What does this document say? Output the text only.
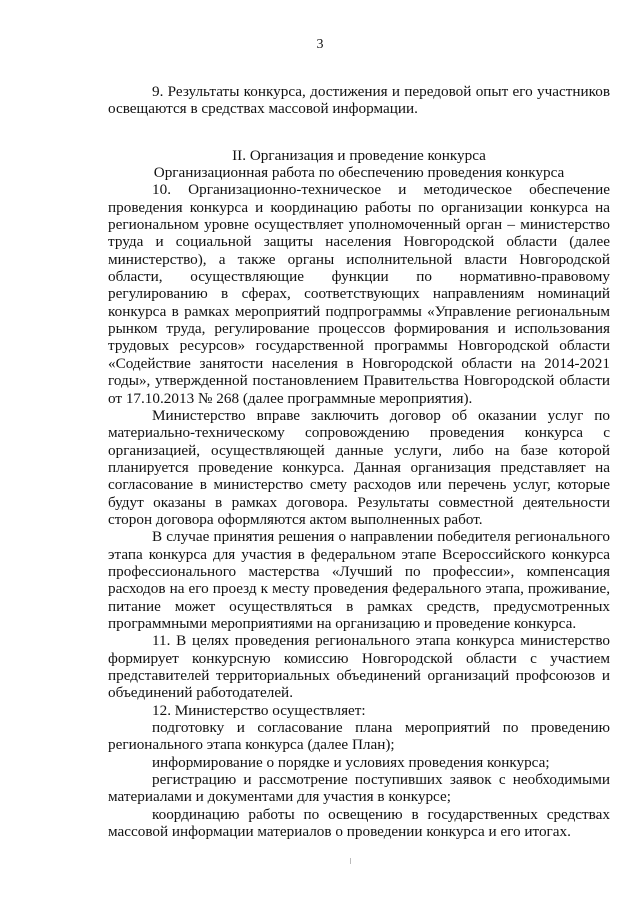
3

9. Результаты конкурса, достижения и передовой опыт его участников освещаются в средствах массовой информации.

II. Организация и проведение конкурса

Организационная работа по обеспечению проведения конкурса

10. Организационно-техническое и методическое обеспечение проведения конкурса и координацию работы по организации конкурса на региональном уровне осуществляет уполномоченный орган – министерство труда и социальной защиты населения Новгородской области (далее министерство), а также органы исполнительной власти Новгородской области, осуществляющие функции по нормативно-правовому регулированию в сферах, соответствующих направлениям номинаций конкурса в рамках мероприятий подпрограммы «Управление региональным рынком труда, регулирование процессов формирования и использования трудовых ресурсов» государственной программы Новгородской области «Содействие занятости населения в Новгородской области на 2014-2021 годы», утвержденной постановлением Правительства Новгородской области от 17.10.2013 № 268 (далее программные мероприятия).

Министерство вправе заключить договор об оказании услуг по материально-техническому сопровождению проведения конкурса с организацией, осуществляющей данные услуги, либо на базе которой планируется проведение конкурса. Данная организация представляет на согласование в министерство смету расходов или перечень услуг, которые будут оказаны в рамках договора. Результаты совместной деятельности сторон договора оформляются актом выполненных работ.

В случае принятия решения о направлении победителя регионального этапа конкурса для участия в федеральном этапе Всероссийского конкурса профессионального мастерства «Лучший по профессии», компенсация расходов на его проезд к месту проведения федерального этапа, проживание, питание может осуществляться в рамках средств, предусмотренных программными мероприятиями на организацию и проведение конкурса.

11. В целях проведения регионального этапа конкурса министерство формирует конкурсную комиссию Новгородской области с участием представителей территориальных объединений организаций профсоюзов и объединений работодателей.

12. Министерство осуществляет:

подготовку и согласование плана мероприятий по проведению регионального этапа конкурса (далее План);

информирование о порядке и условиях проведения конкурса;

регистрацию и рассмотрение поступивших заявок с необходимыми материалами и документами для участия в конкурсе;

координацию работы по освещению в государственных средствах массовой информации материалов о проведении конкурса и его итогах.
